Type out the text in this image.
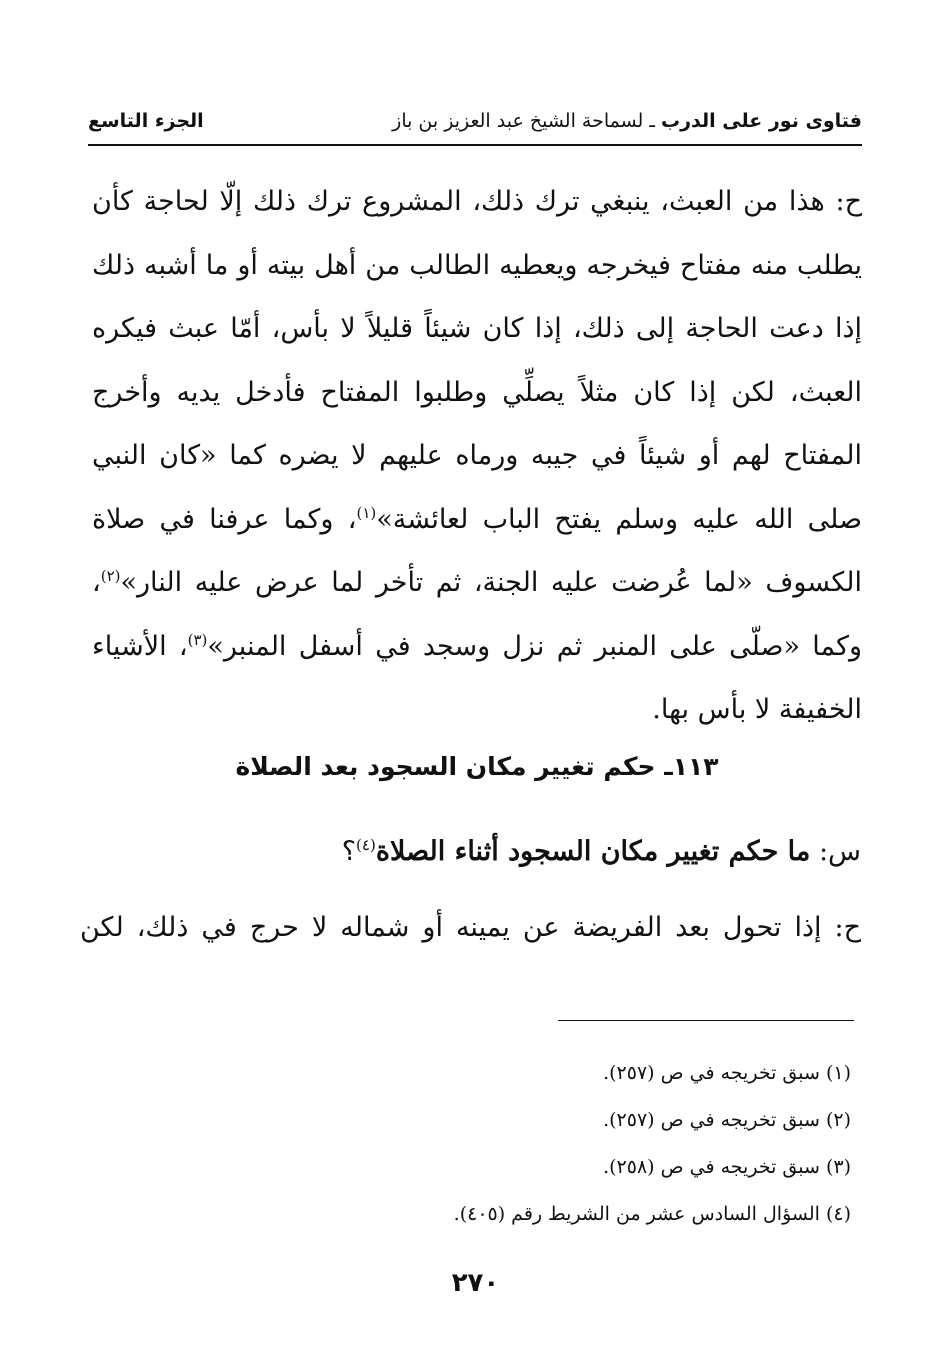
فتاوى نور على الدرب ـ لسماحة الشيخ عبد العزيز بن باز
الجزء التاسع

ح: هذا من العبث، ينبغي ترك ذلك، المشروع ترك ذلك إلّا لحاجة كأن يطلب منه مفتاح فيخرجه ويعطيه الطالب من أهل بيته أو ما أشبه ذلك إذا دعت الحاجة إلى ذلك، إذا كان شيئاً قليلاً لا بأس، أمّا عبث فيكره العبث، لكن إذا كان مثلاً يصلِّي وطلبوا المفتاح فأدخل يديه وأخرج المفتاح لهم أو شيئاً في جيبه ورماه عليهم لا يضره كما «كان النبي صلى الله عليه وسلم يفتح الباب لعائشة»$^{(١)}$، وكما عرفنا في صلاة الكسوف «لما عُرضت عليه الجنة، ثم تأخر لما عرض عليه النار»$^{(٢)}$، وكما «صلّى على المنبر ثم نزل وسجد في أسفل المنبر»$^{(٣)}$، الأشياء الخفيفة لا بأس بها.

١١٣ـ حكم تغيير مكان السجود بعد الصلاة
س: ما حكم تغيير مكان السجود أثناء الصلاة$^{(٤)}$؟
ح: إذا تحول بعد الفريضة عن يمينه أو شماله لا حرج في ذلك، لكن
(١) سبق تخريجه في ص (٢٥٧).
(٢) سبق تخريجه في ص (٢٥٧).
(٣) سبق تخريجه في ص (٢٥٨).
(٤) السؤال السادس عشر من الشريط رقم (٤٠٥).
٢٧٠
